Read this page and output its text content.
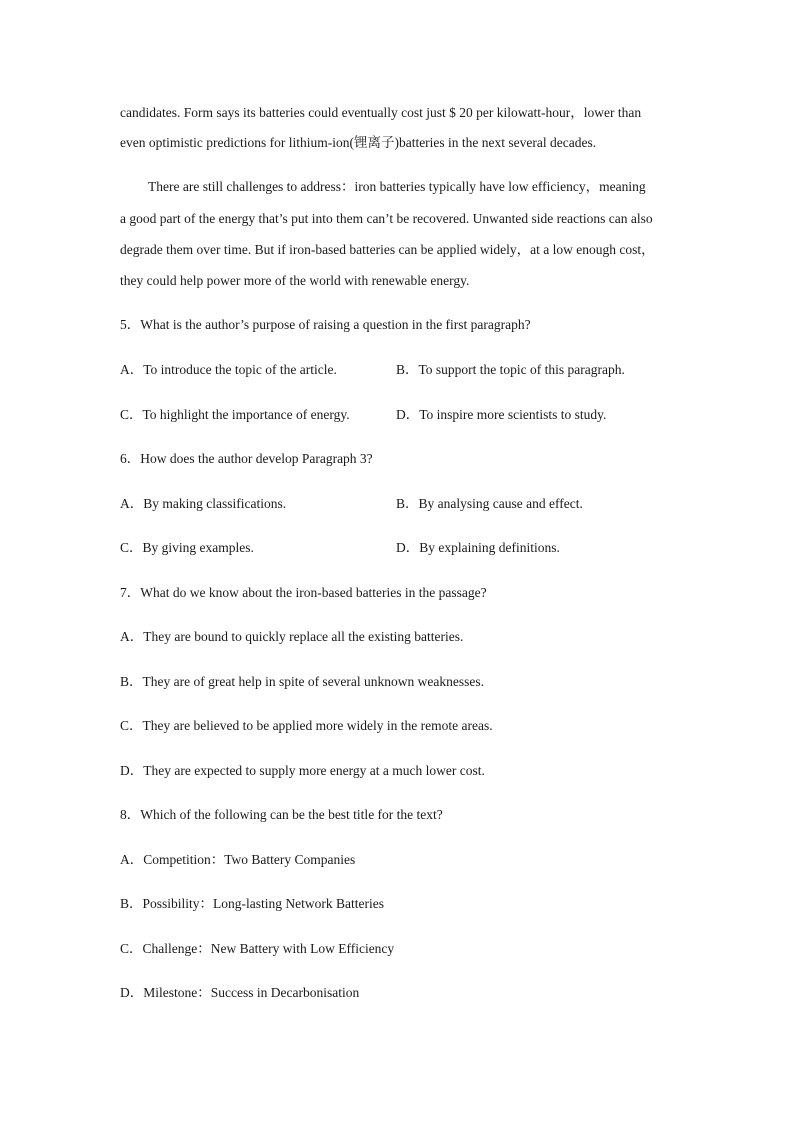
candidates. Form says its batteries could eventually cost just $ 20 per kilowatt-hour，lower than
even optimistic predictions for lithium-ion(锂离子)batteries in the next several decades.
There are still challenges to address：iron batteries typically have low efficiency，meaning
a good part of the energy that’s put into them can’t be recovered. Unwanted side reactions can also
degrade them over time. But if iron-based batteries can be applied widely，at a low enough cost，
they could help power more of the world with renewable energy.
5．What is the author’s purpose of raising a question in the first paragraph?
A．To introduce the topic of the article.	B．To support the topic of this paragraph.
C．To highlight the importance of energy.	D．To inspire more scientists to study.
6．How does the author develop Paragraph 3?
A．By making classifications.	B．By analysing cause and effect.
C．By giving examples.	D．By explaining definitions.
7．What do we know about the iron-based batteries in the passage?
A．They are bound to quickly replace all the existing batteries.
B．They are of great help in spite of several unknown weaknesses.
C．They are believed to be applied more widely in the remote areas.
D．They are expected to supply more energy at a much lower cost.
8．Which of the following can be the best title for the text?
A．Competition：Two Battery Companies
B．Possibility：Long-lasting Network Batteries
C．Challenge：New Battery with Low Efficiency
D．Milestone：Success in Decarbonisation
